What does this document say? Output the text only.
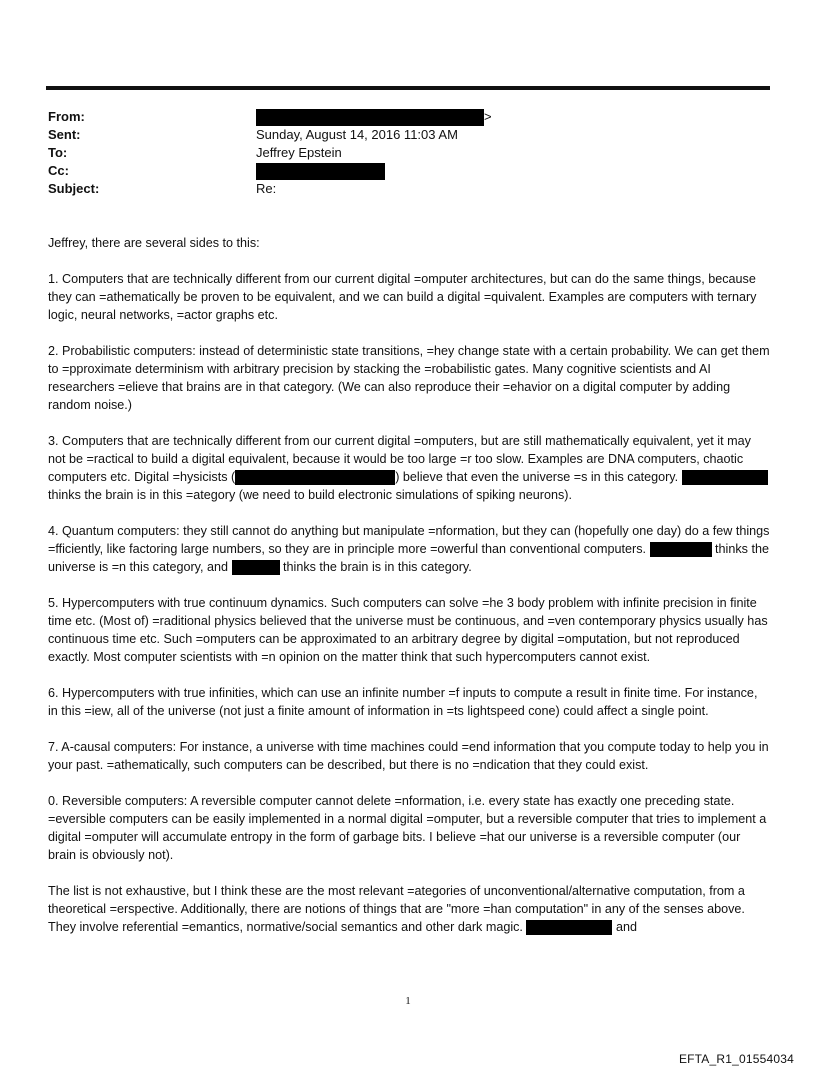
From:	>
Sent:	Sunday, August 14, 2016 11:03 AM
To:	Jeffrey Epstein
Cc:
Subject:	Re:

Jeffrey, there are several sides to this:

1. Computers that are technically different from our current digital =omputer architectures, but can do the same things, because they can =athematically be proven to be equivalent, and we can build a digital =quivalent. Examples are computers with ternary logic, neural networks, =actor graphs etc.

2. Probabilistic computers: instead of deterministic state transitions, =hey change state with a certain probability. We can get them to =pproximate determinism with arbitrary precision by stacking the =robabilistic gates. Many cognitive scientists and AI researchers =elieve that brains are in that category. (We can also reproduce their =ehavior on a digital computer by adding random noise.)

3. Computers that are technically different from our current digital =omputers, but are still mathematically equivalent, yet it may not be =ractical to build a digital equivalent, because it would be too large =r too slow. Examples are DNA computers, chaotic computers etc. Digital =hysicists (	) believe that even the universe =s in this category.  thinks the brain is in this =ategory (we need to build electronic simulations of spiking neurons).

4. Quantum computers: they still cannot do anything but manipulate =nformation, but they can (hopefully one day) do a few things =fficiently, like factoring large numbers, so they are in principle more =owerful than conventional computers.	thinks the universe is =n this category, and	thinks the brain is in this category.

5. Hypercomputers with true continuum dynamics. Such computers can solve =he 3 body problem with infinite precision in finite time etc. (Most of) =raditional physics believed that the universe must be continuous, and =ven contemporary physics usually has continuous time etc. Such =omputers can be approximated to an arbitrary degree by digital =omputation, but not reproduced exactly. Most computer scientists with =n opinion on the matter think that such hypercomputers cannot exist.

6. Hypercomputers with true infinities, which can use an infinite number =f inputs to compute a result in finite time. For instance, in this =iew, all of the universe (not just a finite amount of information in =ts lightspeed cone) could affect a single point.

7. A-causal computers: For instance, a universe with time machines could =end information that you compute today to help you in your past. =athematically, such computers can be described, but there is no =ndication that they could exist.

0. Reversible computers: A reversible computer cannot delete =nformation, i.e. every state has exactly one preceding state. =eversible computers can be easily implemented in a normal digital =omputer, but a reversible computer that tries to implement a digital =omputer will accumulate entropy in the form of garbage bits. I believe =hat our universe is a reversible computer (our brain is obviously not).

The list is not exhaustive, but I think these are the most relevant =ategories of unconventional/alternative computation, from a theoretical =erspective. Additionally, there are notions of things that are "more =han computation" in any of the senses above. They involve referential =emantics, normative/social semantics and other dark magic.	and

1
EFTA_R1_01554034
